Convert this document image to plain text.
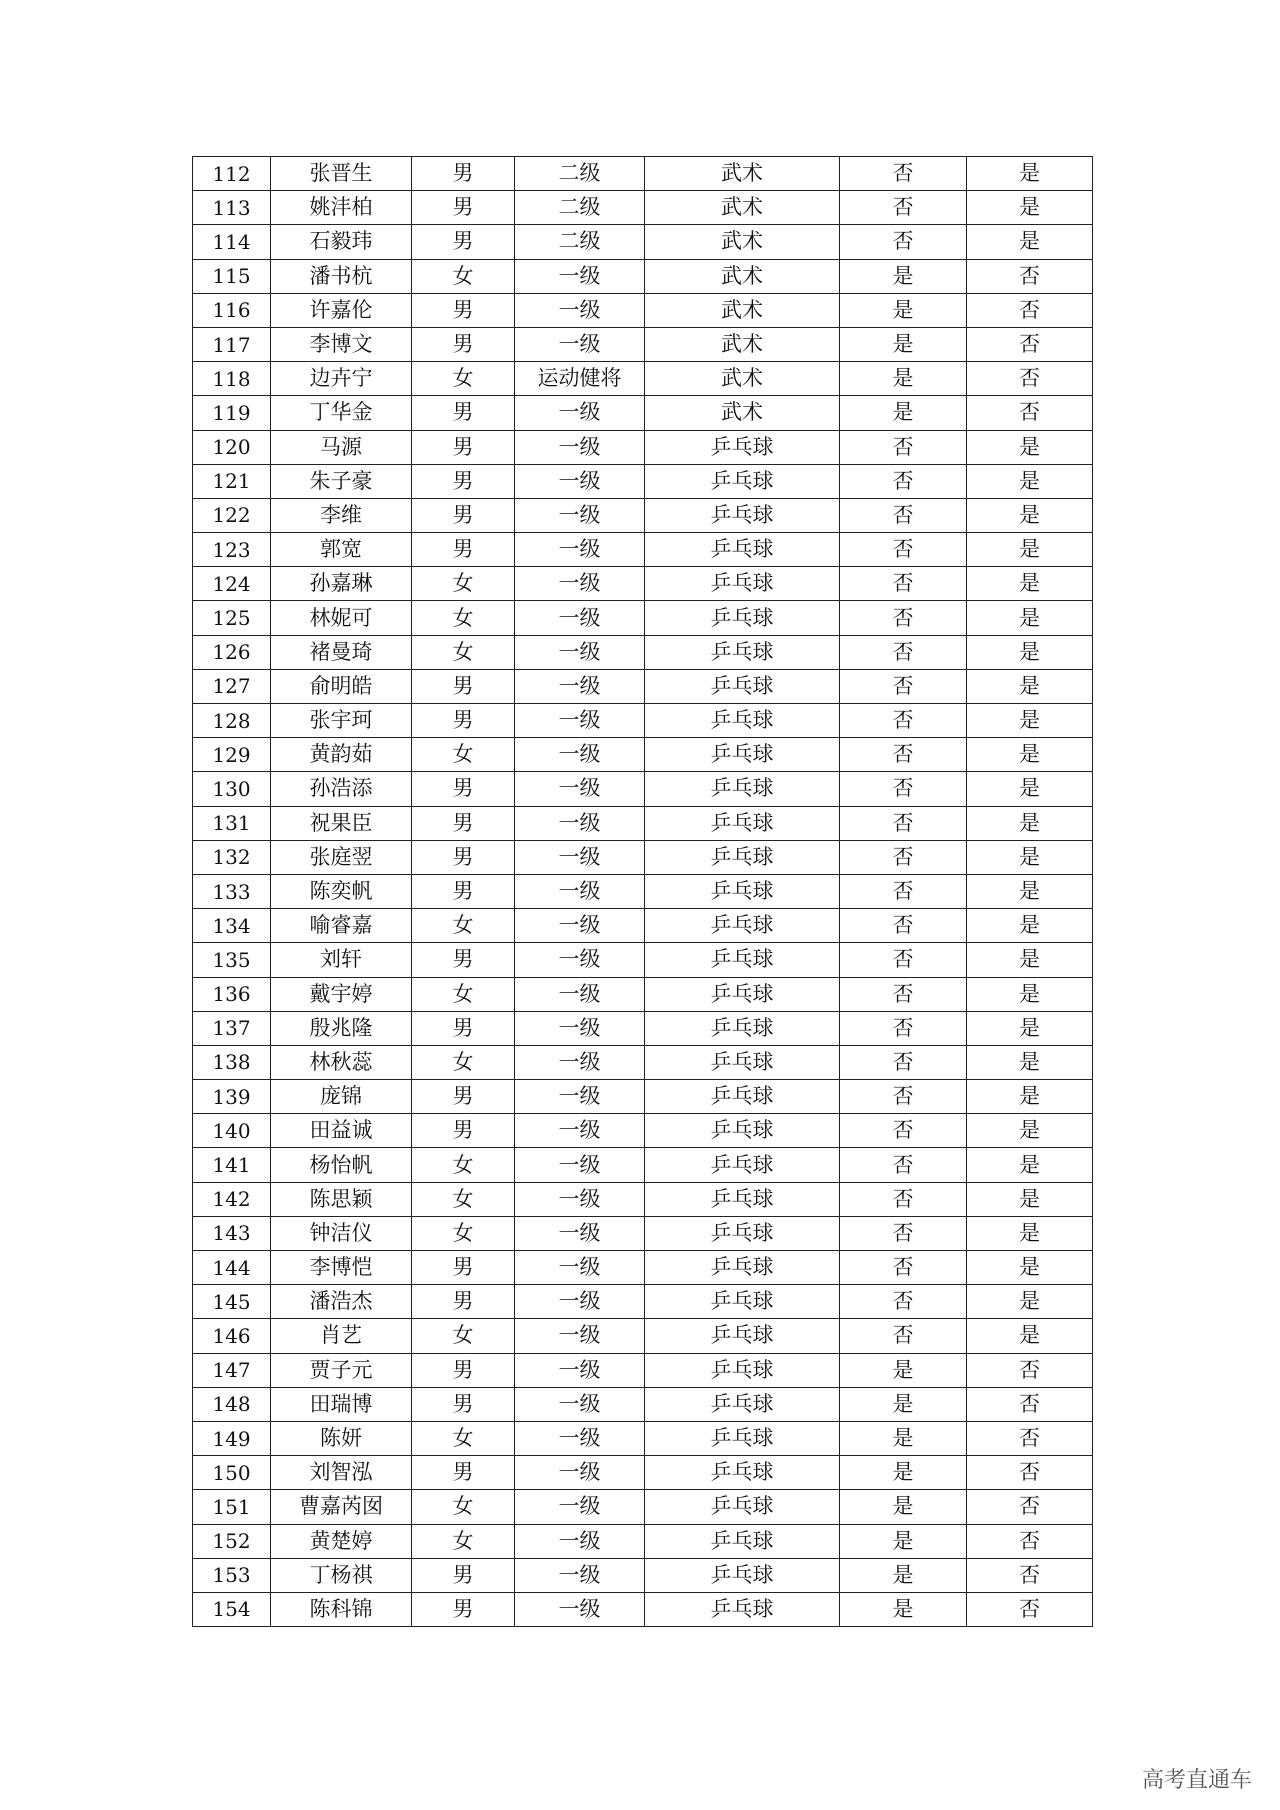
112	张晋生	男	二级	武术	否	是
113	姚沣柏	男	二级	武术	否	是
114	石毅玮	男	二级	武术	否	是
115	潘书杭	女	一级	武术	是	否
116	许嘉伦	男	一级	武术	是	否
117	李博文	男	一级	武术	是	否
118	边卉宁	女	运动健将	武术	是	否
119	丁华金	男	一级	武术	是	否
120	马源	男	一级	乒乓球	否	是
121	朱子豪	男	一级	乒乓球	否	是
122	李维	男	一级	乒乓球	否	是
123	郭宽	男	一级	乒乓球	否	是
124	孙嘉琳	女	一级	乒乓球	否	是
125	林妮可	女	一级	乒乓球	否	是
126	褚曼琦	女	一级	乒乓球	否	是
127	俞明皓	男	一级	乒乓球	否	是
128	张宇珂	男	一级	乒乓球	否	是
129	黄韵茹	女	一级	乒乓球	否	是
130	孙浩添	男	一级	乒乓球	否	是
131	祝果臣	男	一级	乒乓球	否	是
132	张庭翌	男	一级	乒乓球	否	是
133	陈奕帆	男	一级	乒乓球	否	是
134	喻睿嘉	女	一级	乒乓球	否	是
135	刘轩	男	一级	乒乓球	否	是
136	戴宇婷	女	一级	乒乓球	否	是
137	殷兆隆	男	一级	乒乓球	否	是
138	林秋蕊	女	一级	乒乓球	否	是
139	庞锦	男	一级	乒乓球	否	是
140	田益诚	男	一级	乒乓球	否	是
141	杨怡帆	女	一级	乒乓球	否	是
142	陈思颖	女	一级	乒乓球	否	是
143	钟洁仪	女	一级	乒乓球	否	是
144	李博恺	男	一级	乒乓球	否	是
145	潘浩杰	男	一级	乒乓球	否	是
146	肖艺	女	一级	乒乓球	否	是
147	贾子元	男	一级	乒乓球	是	否
148	田瑞博	男	一级	乒乓球	是	否
149	陈妍	女	一级	乒乓球	是	否
150	刘智泓	男	一级	乒乓球	是	否
151	曹嘉芮囡	女	一级	乒乓球	是	否
152	黄楚婷	女	一级	乒乓球	是	否
153	丁杨祺	男	一级	乒乓球	是	否
154	陈科锦	男	一级	乒乓球	是	否
高考直通车
